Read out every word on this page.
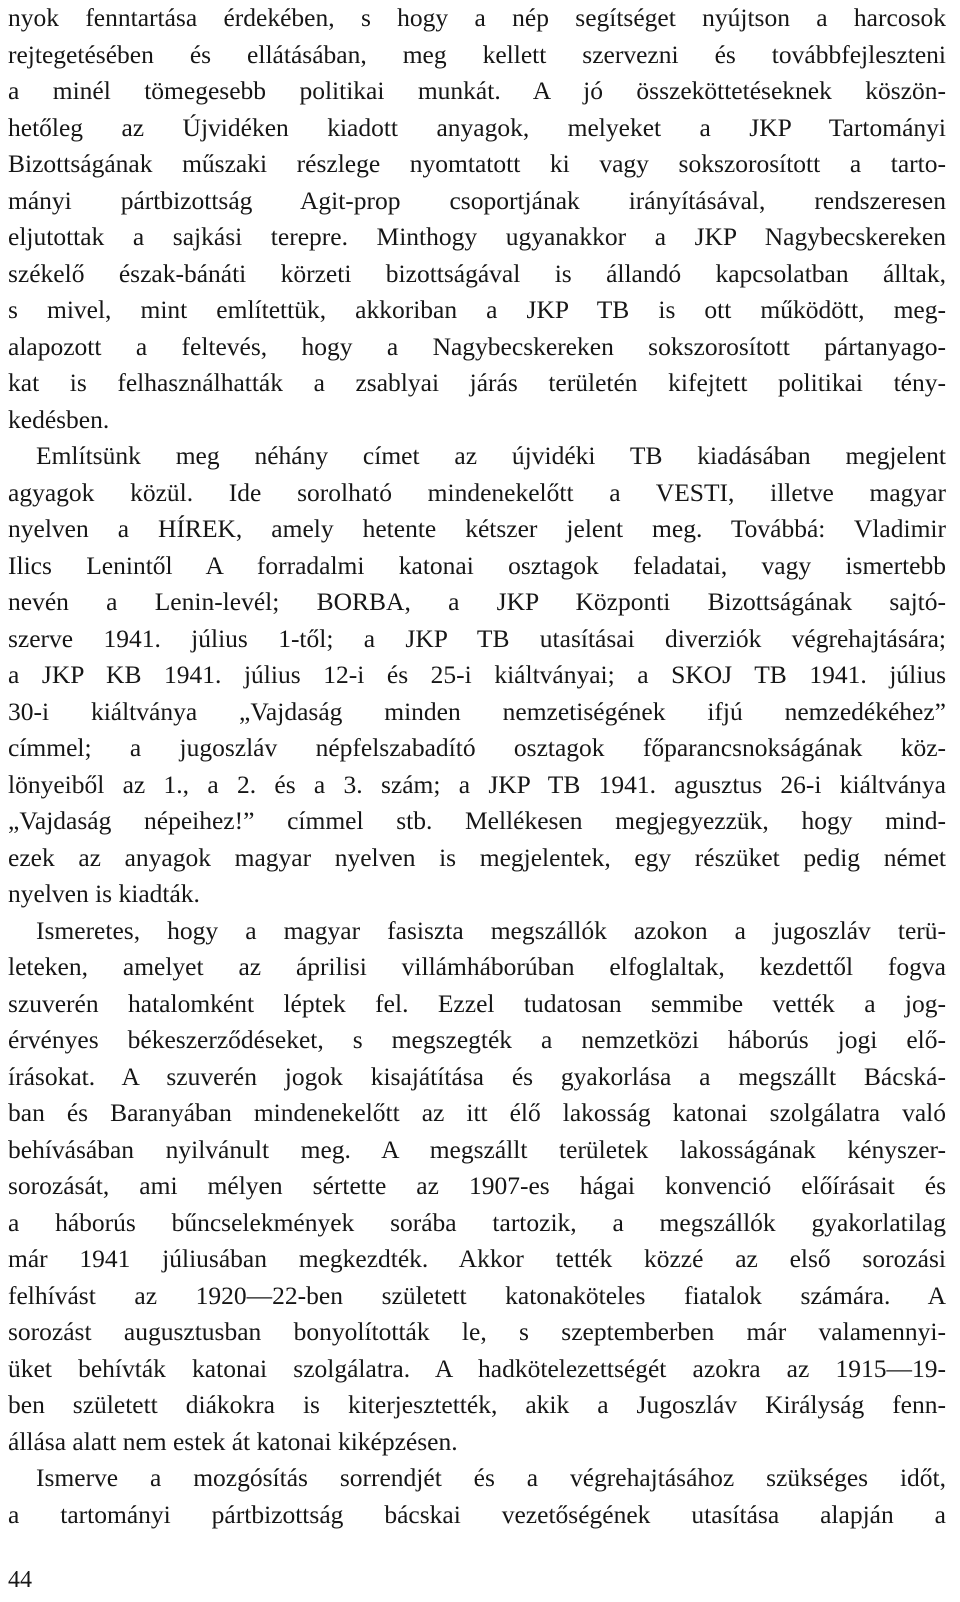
nyok fenntartása érdekében, s hogy a nép segítséget nyújtson a harcosok
rejtegetésében és ellátásában, meg kellett szervezni és továbbfejleszteni
a minél tömegesebb politikai munkát. A jó összeköttetéseknek köszön-
hetőleg az Újvidéken kiadott anyagok, melyeket a JKP Tartományi
Bizottságának műszaki részlege nyomtatott ki vagy sokszorosított a tarto-
mányi pártbizottság Agit-prop csoportjának irányításával, rendszeresen
eljutottak a sajkási terepre. Minthogy ugyanakkor a JKP Nagybecskereken
székelő észak-bánáti körzeti bizottságával is állandó kapcsolatban álltak,
s mivel, mint említettük, akkoriban a JKP TB is ott működött, meg-
alapozott a feltevés, hogy a Nagybecskereken sokszorosított pártanyago-
kat is felhasználhatták a zsablyai járás területén kifejtett politikai tény-
kedésben.
Említsünk meg néhány címet az újvidéki TB kiadásában megjelent
agyagok közül. Ide sorolható mindenekelőtt a VESTI, illetve magyar
nyelven a HÍREK, amely hetente kétszer jelent meg. Továbbá: Vladimir
Ilics Lenintől A forradalmi katonai osztagok feladatai, vagy ismertebb
nevén a Lenin-levél; BORBA, a JKP Központi Bizottságának sajtó-
szerve 1941. július 1-től; a JKP TB utasításai diverziók végrehajtására;
a JKP KB 1941. július 12-i és 25-i kiáltványai; a SKOJ TB 1941. július
30-i kiáltványa „Vajdaság minden nemzetiségének ifjú nemzedékéhez”
címmel; a jugoszláv népfelszabadító osztagok főparancsnokságának köz-
lönyeiből az 1., a 2. és a 3. szám; a JKP TB 1941. agusztus 26-i kiáltványa
„Vajdaság népeihez!” címmel stb. Mellékesen megjegyezzük, hogy mind-
ezek az anyagok magyar nyelven is megjelentek, egy részüket pedig német
nyelven is kiadták.
Ismeretes, hogy a magyar fasiszta megszállók azokon a jugoszláv terü-
leteken, amelyet az áprilisi villámháborúban elfoglaltak, kezdettől fogva
szuverén hatalomként léptek fel. Ezzel tudatosan semmibe vették a jog-
érvényes békeszerződéseket, s megszegték a nemzetközi háborús jogi elő-
írásokat. A szuverén jogok kisajátítása és gyakorlása a megszállt Bácská-
ban és Baranyában mindenekelőtt az itt élő lakosság katonai szolgálatra való
behívásában nyilvánult meg. A megszállt területek lakosságának kényszer-
sorozását, ami mélyen sértette az 1907-es hágai konvenció előírásait és
a háborús bűncselekmények sorába tartozik, a megszállók gyakorlatilag
már 1941 júliusában megkezdték. Akkor tették közzé az első sorozási
felhívást az 1920—22-ben született katonaköteles fiatalok számára. A
sorozást augusztusban bonyolították le, s szeptemberben már valamennyi-
üket behívták katonai szolgálatra. A hadkötelezettségét azokra az 1915—19-
ben született diákokra is kiterjesztették, akik a Jugoszláv Királyság fenn-
állása alatt nem estek át katonai kiképzésen.
Ismerve a mozgósítás sorrendjét és a végrehajtásához szükséges időt,
a tartományi pártbizottság bácskai vezetőségének utasítása alapján a
44
